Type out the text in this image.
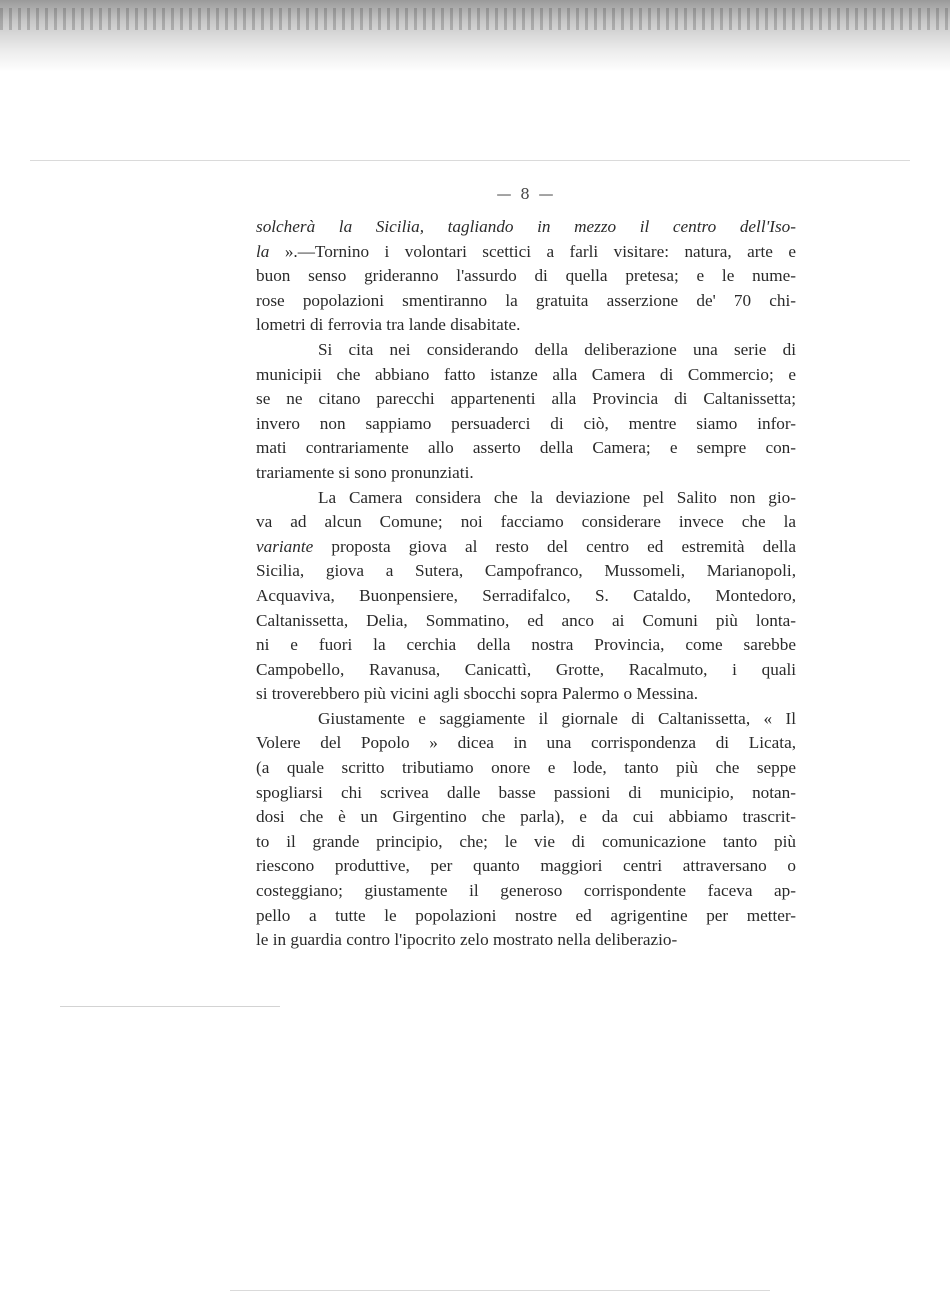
— 8 —
solcherà la Sicilia, tagliando in mezzo il centro dell'Iso-
la ».—Tornino i volontari scettici a farli visitare: natura, arte e
buon senso grideranno l'assurdo di quella pretesa; e le nume-
rose popolazioni smentiranno la gratuita asserzione de' 70 chi-
lometri di ferrovia tra lande disabitate.
Si cita nei considerando della deliberazione una serie di
municipii che abbiano fatto istanze alla Camera di Commercio; e
se ne citano parecchi appartenenti alla Provincia di Caltanissetta;
invero non sappiamo persuaderci di ciò, mentre siamo infor-
mati contrariamente allo asserto della Camera; e sempre con-
trariamente si sono pronunziati.
La Camera considera che la deviazione pel Salito non gio-
va ad alcun Comune; noi facciamo considerare invece che la
variante proposta giova al resto del centro ed estremità della
Sicilia, giova a Sutera, Campofranco, Mussomeli, Marianopoli,
Acquaviva, Buonpensiere, Serradifalco, S. Cataldo, Montedoro,
Caltanissetta, Delia, Sommatino, ed anco ai Comuni più lonta-
ni e fuori la cerchia della nostra Provincia, come sarebbe
Campobello, Ravanusa, Canicattì, Grotte, Racalmuto, i quali
si troverebbero più vicini agli sbocchi sopra Palermo o Messina.
Giustamente e saggiamente il giornale di Caltanissetta, « Il
Volere del Popolo » dicea in una corrispondenza di Licata,
(a quale scritto tributiamo onore e lode, tanto più che seppe
spogliarsi chi scrivea dalle basse passioni di municipio, notan-
dosi che è un Girgentino che parla), e da cui abbiamo trascrit-
to il grande principio, che; le vie di comunicazione tanto più
riescono produttive, per quanto maggiori centri attraversano o
costeggiano; giustamente il generoso corrispondente faceva ap-
pello a tutte le popolazioni nostre ed agrigentine per metter-
le in guardia contro l'ipocrito zelo mostrato nella deliberazio-
